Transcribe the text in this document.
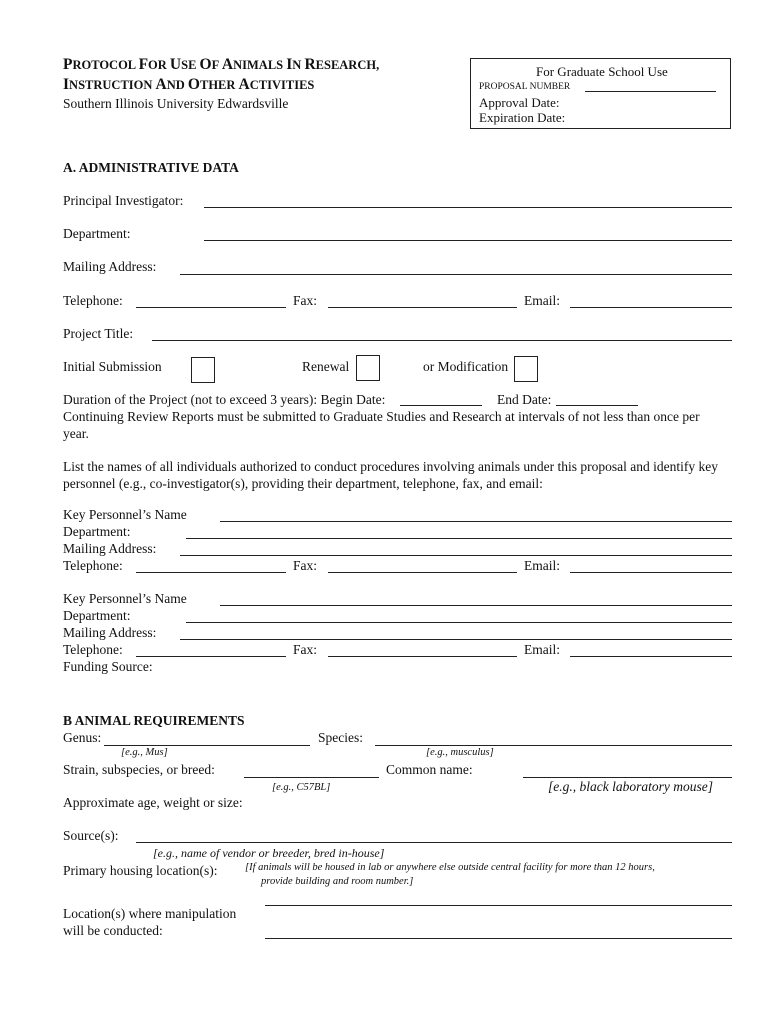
PROTOCOL FOR USE OF ANIMALS IN RESEARCH,
INSTRUCTION AND OTHER ACTIVITIES
Southern Illinois University Edwardsville
For Graduate School Use
PROPOSAL NUMBER
Approval Date:
Expiration Date:
A. ADMINISTRATIVE DATA
Principal Investigator:
Department:
Mailing Address:
Telephone:	Fax:	Email:
Project Title:
Initial Submission	Renewal	or Modification
Duration of the Project (not to exceed 3 years): Begin Date:	End Date:
Continuing Review Reports must be submitted to Graduate Studies and Research at intervals of not less than once per year.
List the names of all individuals authorized to conduct procedures involving animals under this proposal and identify key personnel (e.g., co-investigator(s), providing their department, telephone, fax, and email:
Key Personnel’s Name
Department:
Mailing Address:
Telephone:	Fax:	Email:
Key Personnel’s Name
Department:
Mailing Address:
Telephone:	Fax:	Email:
Funding Source:
B ANIMAL REQUIREMENTS
Genus:	Species:
[e.g., Mus]	[e.g., musculus]
Strain, subspecies, or breed:	Common name:
[e.g., C57BL]	[e.g., black laboratory mouse]
Approximate age, weight or size:
Source(s):
[e.g., name of vendor or breeder, bred in-house]
Primary housing location(s):	[If animals will be housed in lab or anywhere else outside central facility for more than 12 hours,
provide building and room number.]
Location(s) where manipulation
will be conducted:
